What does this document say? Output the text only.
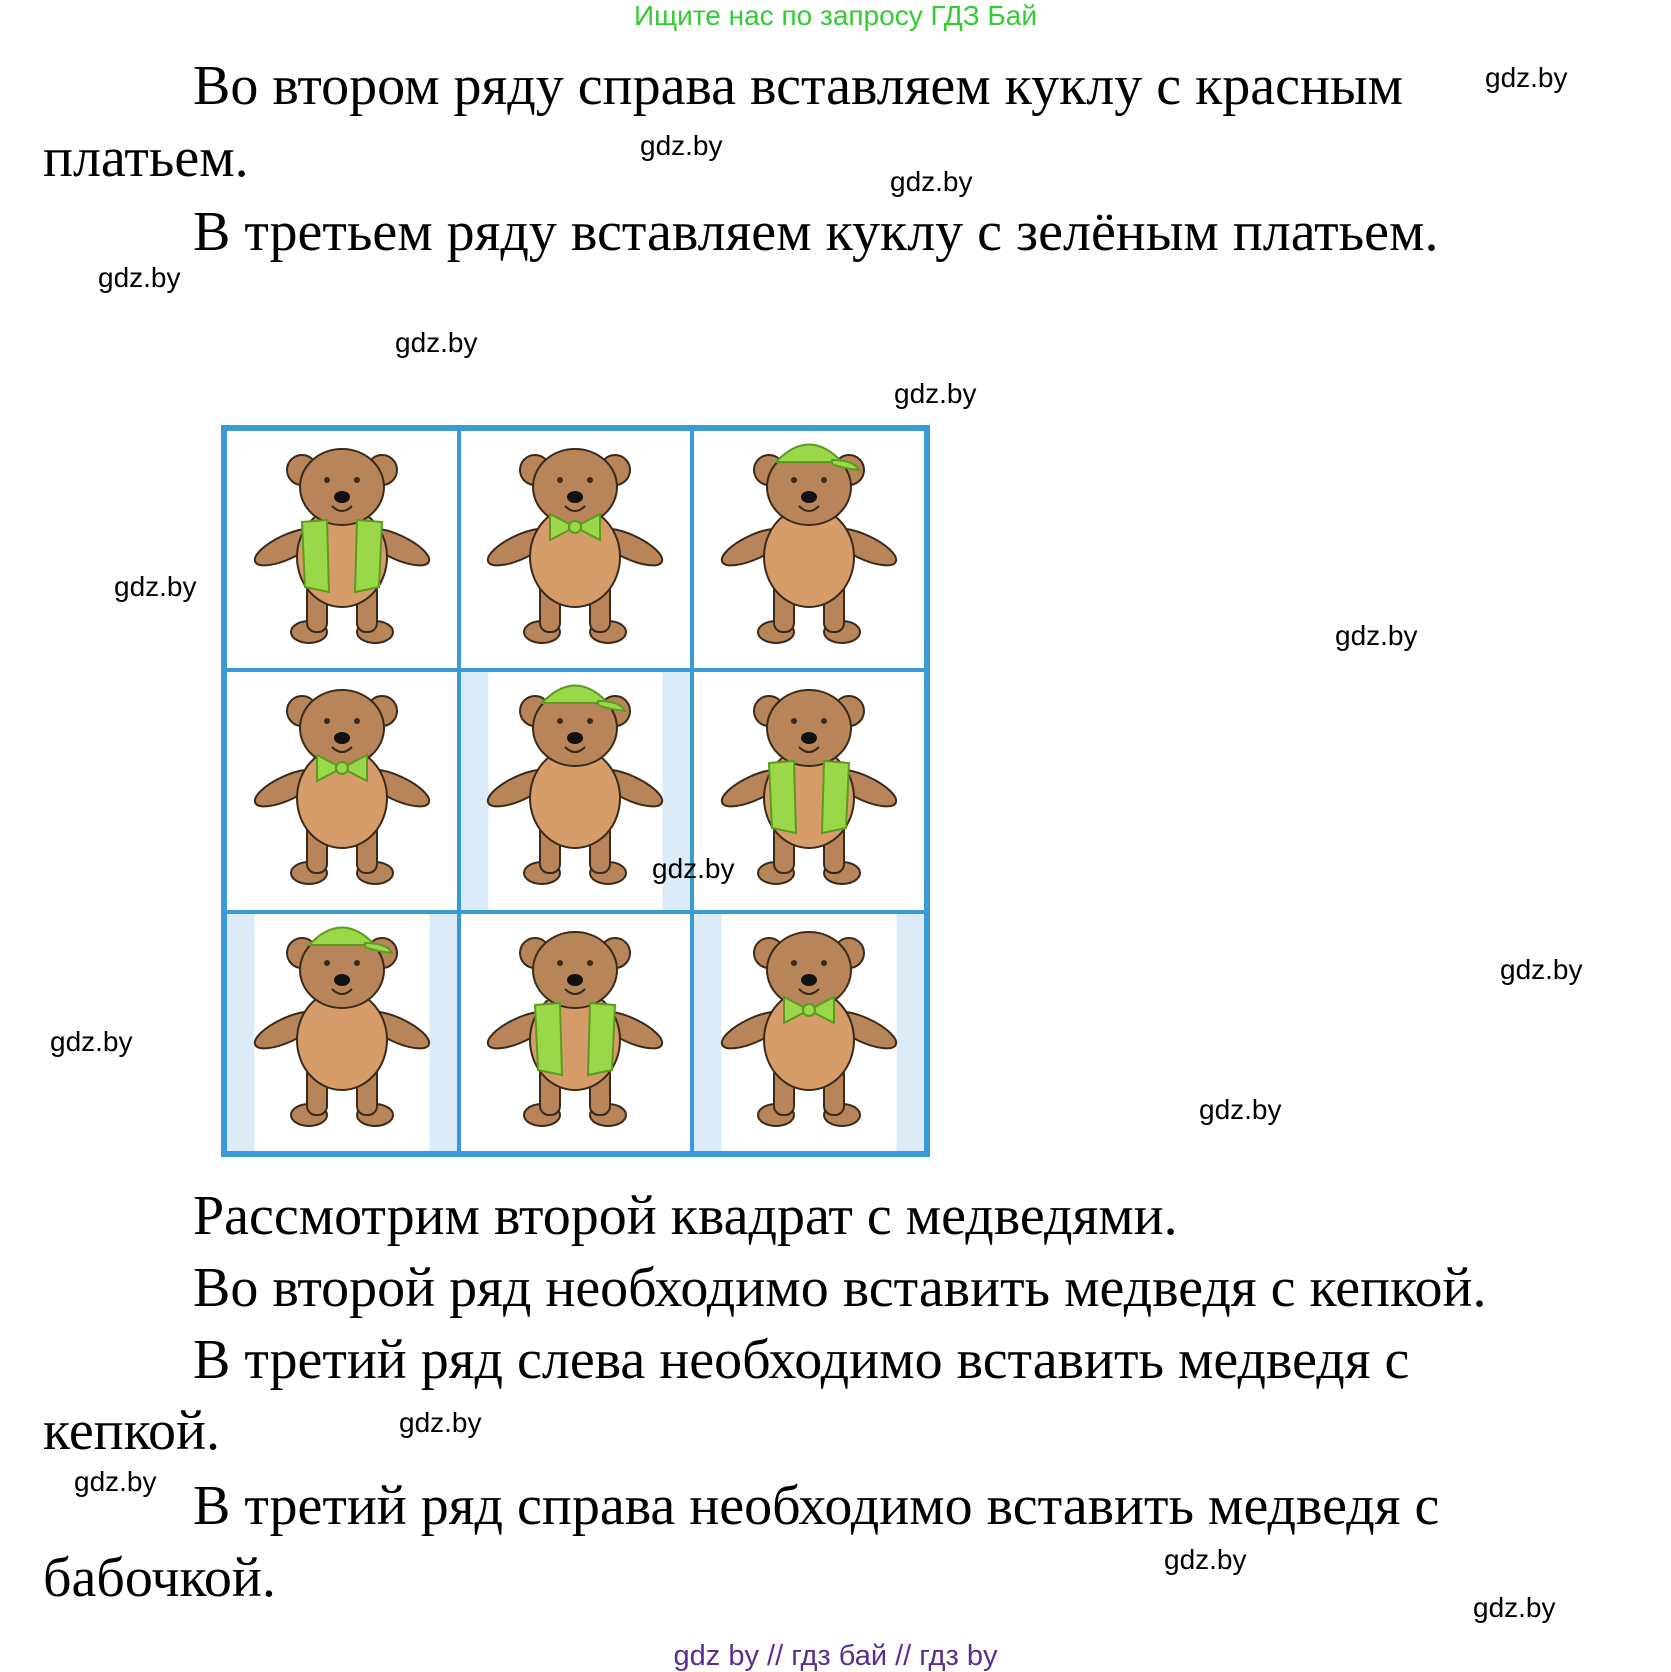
Ищите нас по запросу ГДЗ Бай
Во втором ряду справа вставляем куклу с красным
платьем.
В третьем ряду вставляем куклу с зелёным платьем.
Рассмотрим второй квадрат с медведями.
Во второй ряд необходимо вставить медведя с кепкой.
В третий ряд слева необходимо вставить медведя с
кепкой.
В третий ряд справа необходимо вставить медведя с
бабочкой.
gdz.by
gdz.by
gdz.by
gdz.by
gdz.by
gdz.by
gdz.by
gdz.by
gdz.by
gdz.by
gdz.by
gdz.by
gdz.by
gdz.by
gdz.by
gdz.by
gdz by // гдз бай // гдз by
